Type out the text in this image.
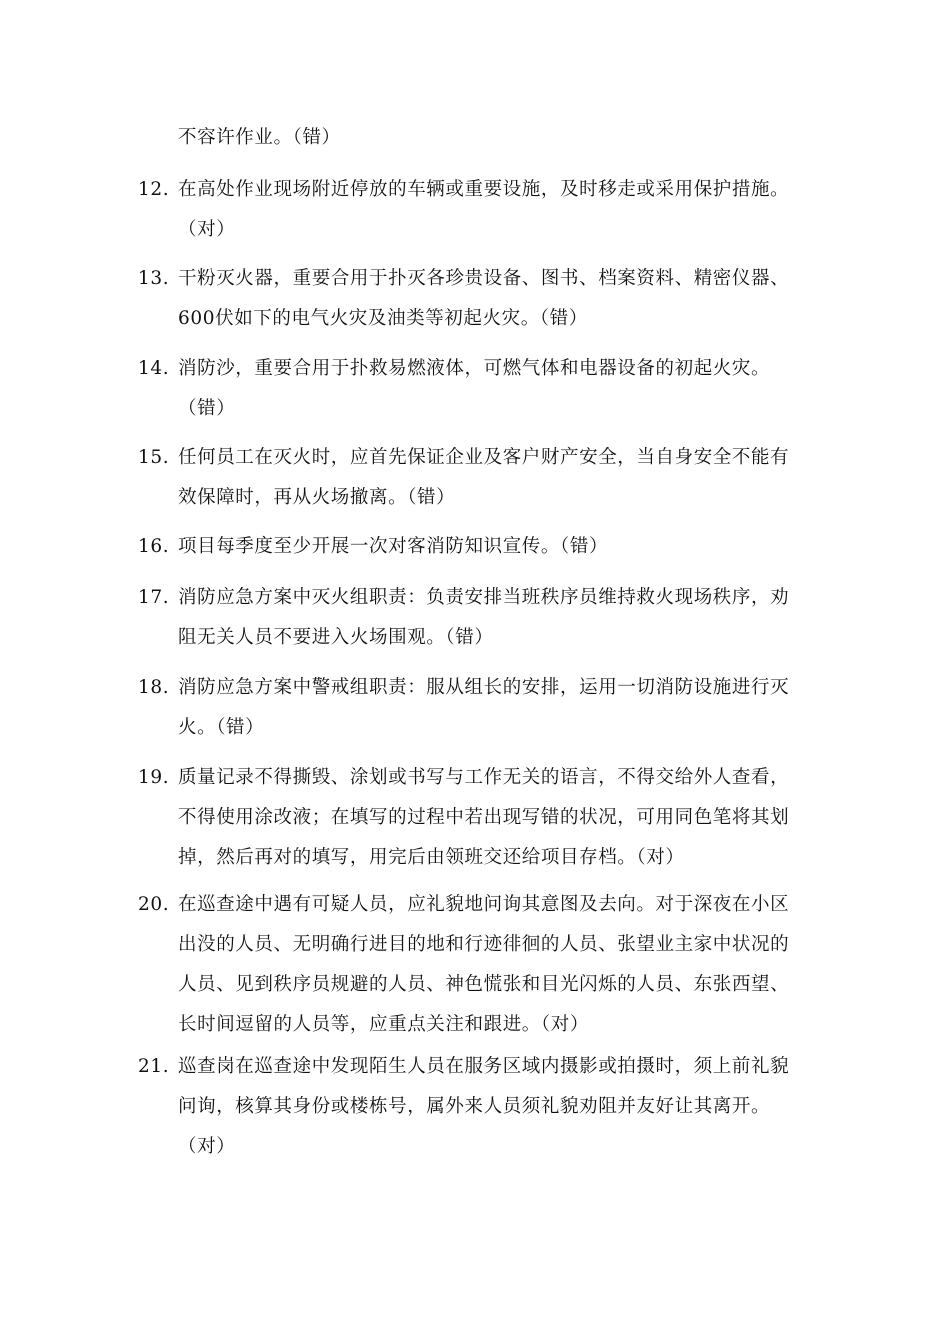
不容许作业。（错）
12. 在高处作业现场附近停放的车辆或重要设施，及时移走或采用保护措施。
（对）
13. 干粉灭火器，重要合用于扑灭各珍贵设备、图书、档案资料、精密仪器、
600伏如下的电气火灾及油类等初起火灾。（错）
14. 消防沙，重要合用于扑救易燃液体，可燃气体和电器设备的初起火灾。
（错）
15. 任何员工在灭火时，应首先保证企业及客户财产安全，当自身安全不能有
效保障时，再从火场撤离。（错）
16. 项目每季度至少开展一次对客消防知识宣传。（错）
17. 消防应急方案中灭火组职责：负责安排当班秩序员维持救火现场秩序，劝
阻无关人员不要进入火场围观。（错）
18. 消防应急方案中警戒组职责：服从组长的安排，运用一切消防设施进行灭
火。（错）
19. 质量记录不得撕毁、涂划或书写与工作无关的语言，不得交给外人查看，
不得使用涂改液；在填写的过程中若出现写错的状况，可用同色笔将其划
掉，然后再对的填写，用完后由领班交还给项目存档。（对）
20. 在巡查途中遇有可疑人员，应礼貌地问询其意图及去向。对于深夜在小区
出没的人员、无明确行进目的地和行迹徘徊的人员、张望业主家中状况的
人员、见到秩序员规避的人员、神色慌张和目光闪烁的人员、东张西望、
长时间逗留的人员等，应重点关注和跟进。（对）
21. 巡查岗在巡查途中发现陌生人员在服务区域内摄影或拍摄时，须上前礼貌
问询，核算其身份或楼栋号，属外来人员须礼貌劝阻并友好让其离开。
（对）
